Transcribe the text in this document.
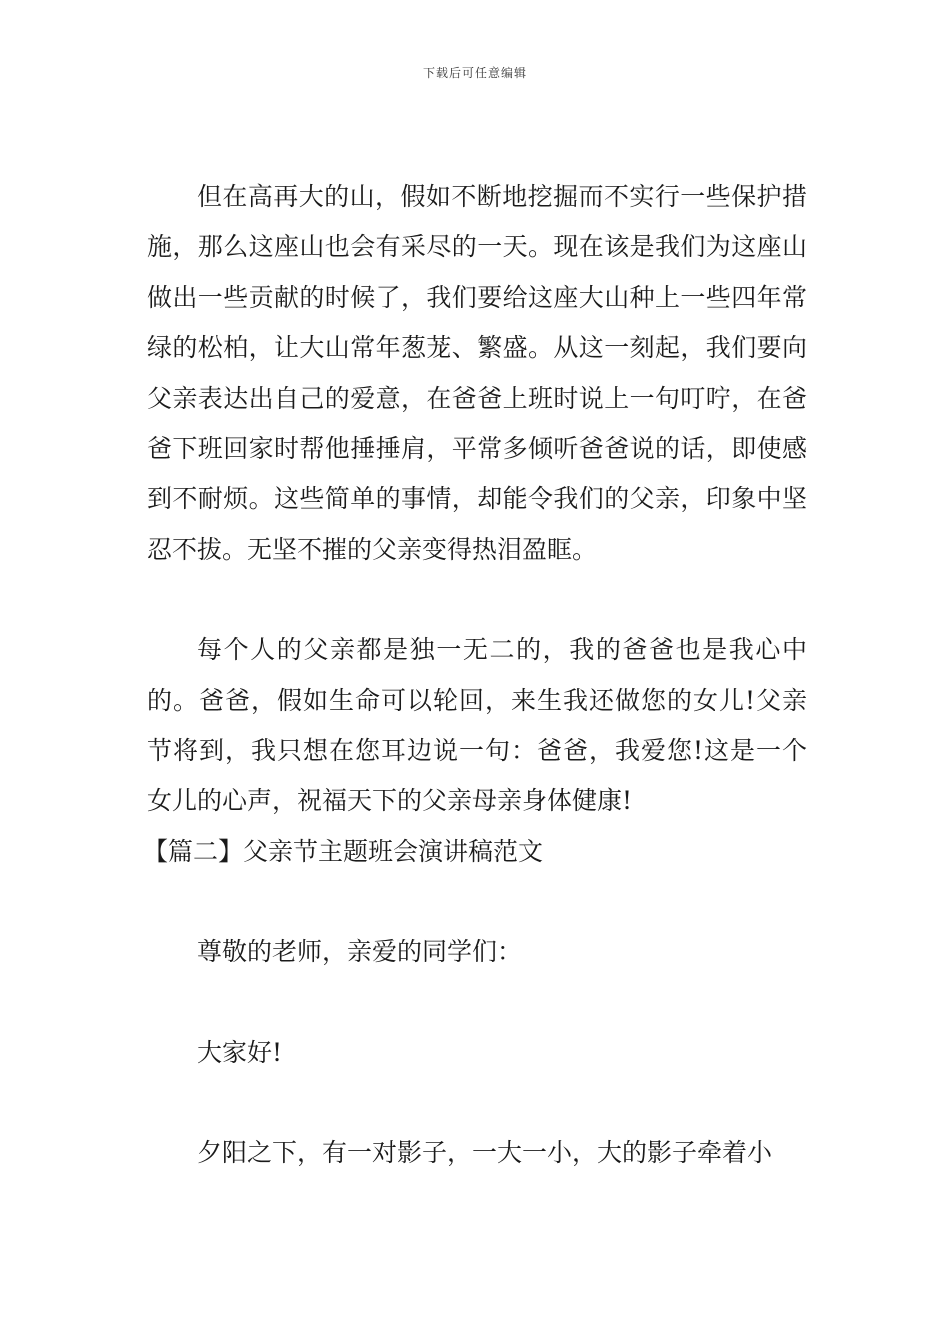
下载后可任意编辑

但在高再大的山，假如不断地挖掘而不实行一些保护措施，那么这座山也会有采尽的一天。现在该是我们为这座山做出一些贡献的时候了，我们要给这座大山种上一些四年常绿的松柏，让大山常年葱茏、繁盛。从这一刻起，我们要向父亲表达出自己的爱意，在爸爸上班时说上一句叮咛，在爸爸下班回家时帮他捶捶肩，平常多倾听爸爸说的话，即使感到不耐烦。这些简单的事情，却能令我们的父亲，印象中坚忍不拔。无坚不摧的父亲变得热泪盈眶。

每个人的父亲都是独一无二的，我的爸爸也是我心中的。爸爸，假如生命可以轮回，来生我还做您的女儿!父亲节将到，我只想在您耳边说一句：爸爸，我爱您!这是一个女儿的心声，祝福天下的父亲母亲身体健康!

【篇二】父亲节主题班会演讲稿范文

尊敬的老师，亲爱的同学们：

大家好!

夕阳之下，有一对影子，一大一小，大的影子牵着小
